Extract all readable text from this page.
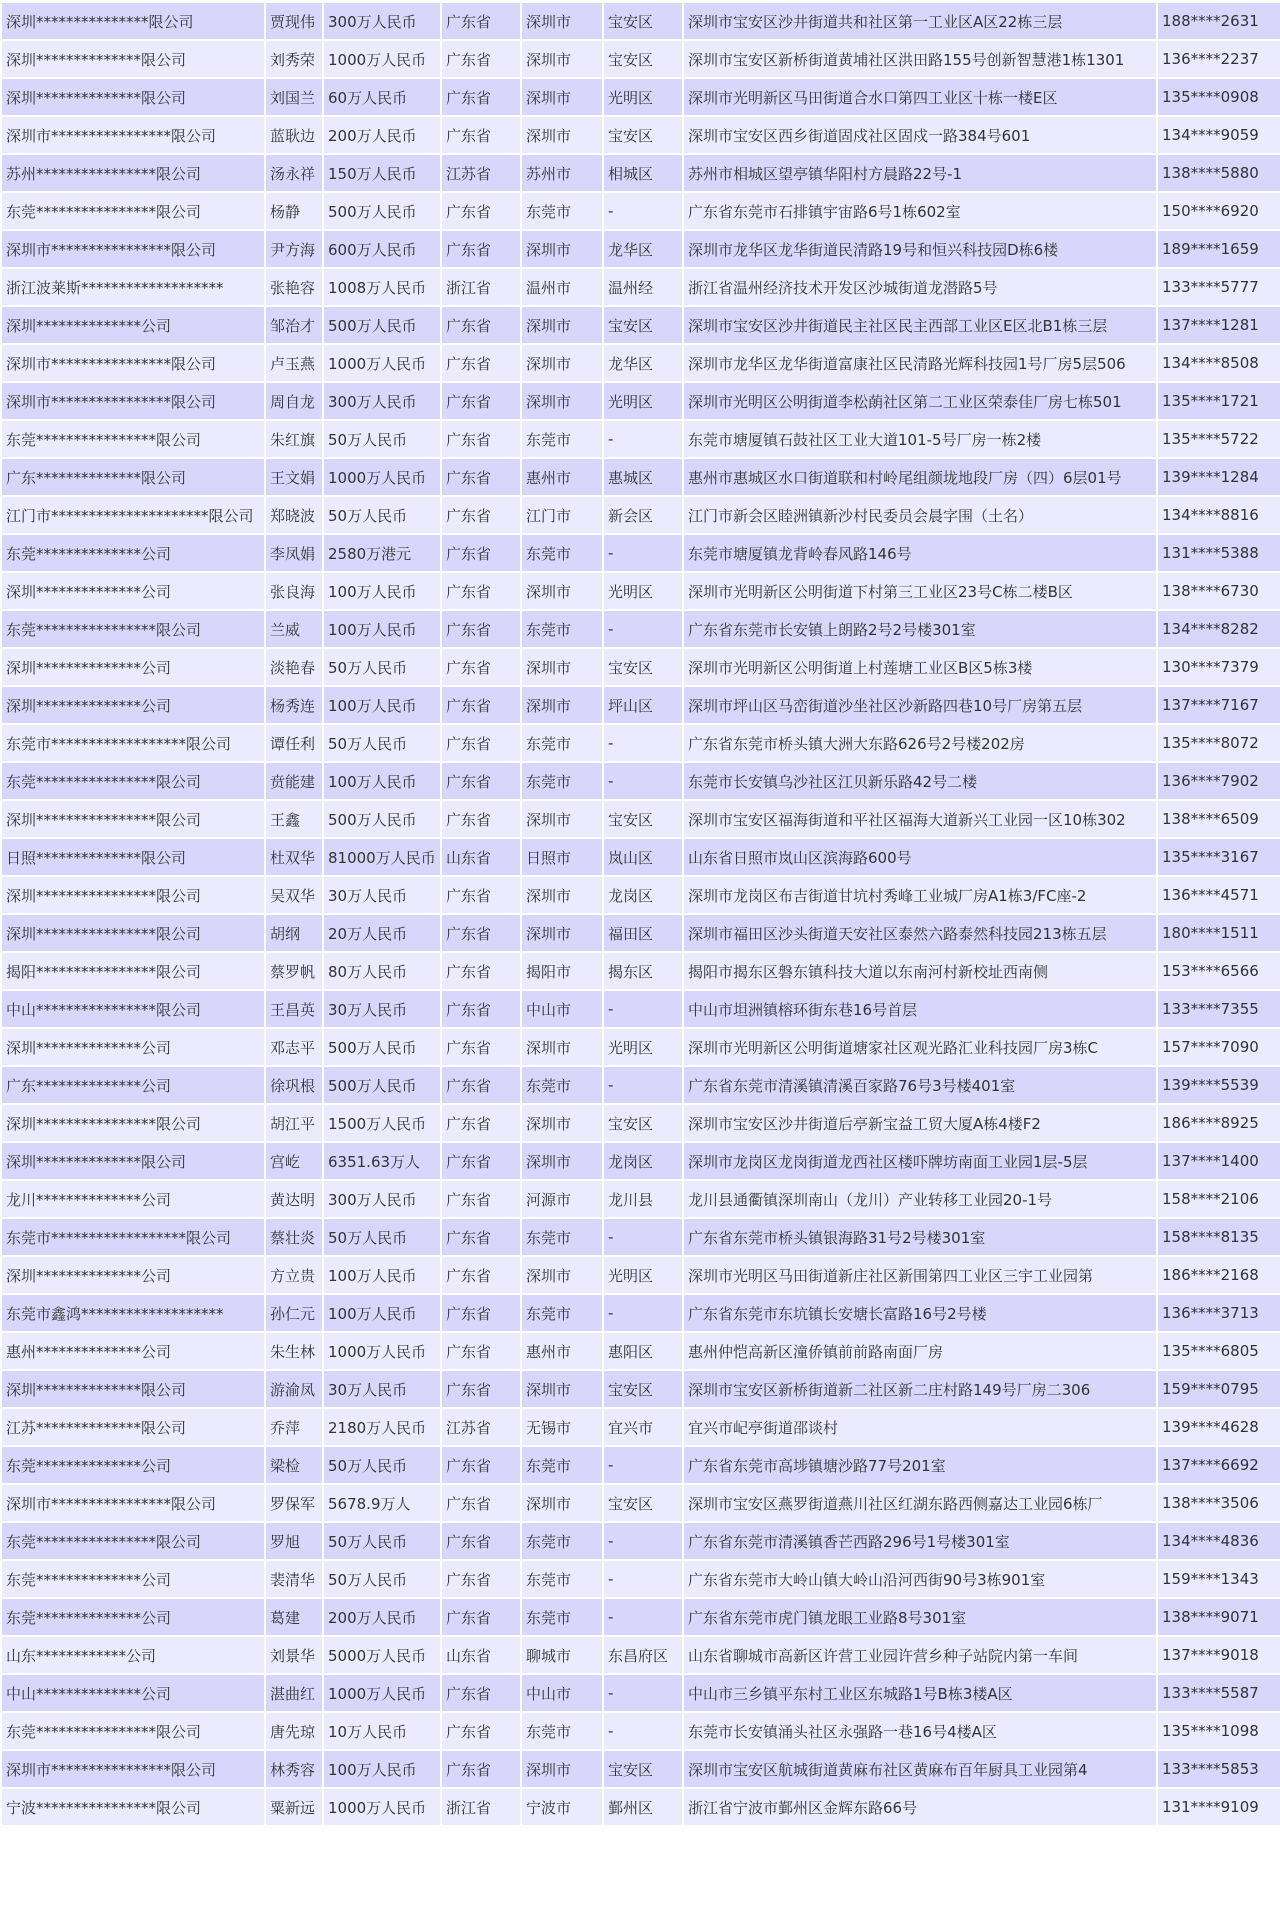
深圳***************限公司	贾现伟	300万人民币	广东省	深圳市	宝安区	深圳市宝安区沙井街道共和社区第一工业区A区22栋三层	188****2631
深圳**************限公司	刘秀荣	1000万人民币	广东省	深圳市	宝安区	深圳市宝安区新桥街道黄埔社区洪田路155号创新智慧港1栋1301	136****2237
深圳**************限公司	刘国兰	60万人民币	广东省	深圳市	光明区	深圳市光明新区马田街道合水口第四工业区十栋一楼E区	135****0908
深圳市****************限公司	蓝耿边	200万人民币	广东省	深圳市	宝安区	深圳市宝安区西乡街道固戍社区固戍一路384号601	134****9059
苏州****************限公司	汤永祥	150万人民币	江苏省	苏州市	相城区	苏州市相城区望亭镇华阳村方晨路22号-1	138****5880
东莞****************限公司	杨静	500万人民币	广东省	东莞市	-	广东省东莞市石排镇宇宙路6号1栋602室	150****6920
深圳市****************限公司	尹方海	600万人民币	广东省	深圳市	龙华区	深圳市龙华区龙华街道民清路19号和恒兴科技园D栋6楼	189****1659
浙江波莱斯*******************	张艳容	1008万人民币	浙江省	温州市	温州经	浙江省温州经济技术开发区沙城街道龙潜路5号	133****5777
深圳**************公司	邹治才	500万人民币	广东省	深圳市	宝安区	深圳市宝安区沙井街道民主社区民主西部工业区E区北B1栋三层	137****1281
深圳市****************限公司	卢玉燕	1000万人民币	广东省	深圳市	龙华区	深圳市龙华区龙华街道富康社区民清路光辉科技园1号厂房5层506	134****8508
深圳市****************限公司	周自龙	300万人民币	广东省	深圳市	光明区	深圳市光明区公明街道李松蓢社区第二工业区荣泰佳厂房七栋501	135****1721
东莞****************限公司	朱红旗	50万人民币	广东省	东莞市	-	东莞市塘厦镇石鼓社区工业大道101-5号厂房一栋2楼	135****5722
广东**************限公司	王文娟	1000万人民币	广东省	惠州市	惠城区	惠州市惠城区水口街道联和村岭尾组颜垅地段厂房（四）6层01号	139****1284
江门市*********************限公司	郑晓波	50万人民币	广东省	江门市	新会区	江门市新会区睦洲镇新沙村民委员会晨字围（土名）	134****8816
东莞**************公司	李凤娟	2580万港元	广东省	东莞市	-	东莞市塘厦镇龙背岭春风路146号	131****5388
深圳**************公司	张良海	100万人民币	广东省	深圳市	光明区	深圳市光明新区公明街道下村第三工业区23号C栋二楼B区	138****6730
东莞****************限公司	兰威	100万人民币	广东省	东莞市	-	广东省东莞市长安镇上朗路2号2号楼301室	134****8282
深圳**************公司	淡艳春	50万人民币	广东省	深圳市	宝安区	深圳市光明新区公明街道上村莲塘工业区B区5栋3楼	130****7379
深圳**************公司	杨秀连	100万人民币	广东省	深圳市	坪山区	深圳市坪山区马峦街道沙坐社区沙新路四巷10号厂房第五层	137****7167
东莞市******************限公司	谭任利	50万人民币	广东省	东莞市	-	广东省东莞市桥头镇大洲大东路626号2号楼202房	135****8072
东莞****************限公司	贲能建	100万人民币	广东省	东莞市	-	东莞市长安镇乌沙社区江贝新乐路42号二楼	136****7902
深圳****************限公司	王鑫	500万人民币	广东省	深圳市	宝安区	深圳市宝安区福海街道和平社区福海大道新兴工业园一区10栋302	138****6509
日照**************限公司	杜双华	81000万人民币	山东省	日照市	岚山区	山东省日照市岚山区滨海路600号	135****3167
深圳****************限公司	吴双华	30万人民币	广东省	深圳市	龙岗区	深圳市龙岗区布吉街道甘坑村秀峰工业城厂房A1栋3/FC座-2	136****4571
深圳****************限公司	胡纲	20万人民币	广东省	深圳市	福田区	深圳市福田区沙头街道天安社区泰然六路泰然科技园213栋五层	180****1511
揭阳****************限公司	蔡罗帆	80万人民币	广东省	揭阳市	揭东区	揭阳市揭东区磐东镇科技大道以东南河村新校址西南侧	153****6566
中山****************限公司	王昌英	30万人民币	广东省	中山市	-	中山市坦洲镇榕环街东巷16号首层	133****7355
深圳**************公司	邓志平	500万人民币	广东省	深圳市	光明区	深圳市光明新区公明街道塘家社区观光路汇业科技园厂房3栋C	157****7090
广东**************公司	徐巩根	500万人民币	广东省	东莞市	-	广东省东莞市清溪镇清溪百家路76号3号楼401室	139****5539
深圳****************限公司	胡江平	1500万人民币	广东省	深圳市	宝安区	深圳市宝安区沙井街道后亭新宝益工贸大厦A栋4楼F2	186****8925
深圳**************限公司	宫屹	6351.63万人	广东省	深圳市	龙岗区	深圳市龙岗区龙岗街道龙西社区楼吓牌坊南面工业园1层-5层	137****1400
龙川**************公司	黄达明	300万人民币	广东省	河源市	龙川县	龙川县通衢镇深圳南山（龙川）产业转移工业园20-1号	158****2106
东莞市******************限公司	蔡壮炎	50万人民币	广东省	东莞市	-	广东省东莞市桥头镇银海路31号2号楼301室	158****8135
深圳**************公司	方立贵	100万人民币	广东省	深圳市	光明区	深圳市光明区马田街道新庄社区新围第四工业区三宇工业园第	186****2168
东莞市鑫鸿*******************	孙仁元	100万人民币	广东省	东莞市	-	广东省东莞市东坑镇长安塘长富路16号2号楼	136****3713
惠州**************公司	朱生林	1000万人民币	广东省	惠州市	惠阳区	惠州仲恺高新区潼侨镇前前路南面厂房	135****6805
深圳**************限公司	游渝凤	30万人民币	广东省	深圳市	宝安区	深圳市宝安区新桥街道新二社区新二庄村路149号厂房二306	159****0795
江苏**************限公司	乔萍	2180万人民币	江苏省	无锡市	宜兴市	宜兴市屺亭街道邵谈村	139****4628
东莞**************公司	梁检	50万人民币	广东省	东莞市	-	广东省东莞市高埗镇塘沙路77号201室	137****6692
深圳市****************限公司	罗保军	5678.9万人	广东省	深圳市	宝安区	深圳市宝安区燕罗街道燕川社区红湖东路西侧嘉达工业园6栋厂	138****3506
东莞****************限公司	罗旭	50万人民币	广东省	东莞市	-	广东省东莞市清溪镇香芒西路296号1号楼301室	134****4836
东莞**************公司	裴清华	50万人民币	广东省	东莞市	-	广东省东莞市大岭山镇大岭山沿河西街90号3栋901室	159****1343
东莞**************公司	葛建	200万人民币	广东省	东莞市	-	广东省东莞市虎门镇龙眼工业路8号301室	138****9071
山东************公司	刘景华	5000万人民币	山东省	聊城市	东昌府区	山东省聊城市高新区许营工业园许营乡种子站院内第一车间	137****9018
中山**************公司	湛曲红	1000万人民币	广东省	中山市	-	中山市三乡镇平东村工业区东城路1号B栋3楼A区	133****5587
东莞****************限公司	唐先琼	10万人民币	广东省	东莞市	-	东莞市长安镇涌头社区永强路一巷16号4楼A区	135****1098
深圳市****************限公司	林秀容	100万人民币	广东省	深圳市	宝安区	深圳市宝安区航城街道黄麻布社区黄麻布百年厨具工业园第4	133****5853
宁波****************限公司	粟新远	1000万人民币	浙江省	宁波市	鄞州区	浙江省宁波市鄞州区金辉东路66号	131****9109
